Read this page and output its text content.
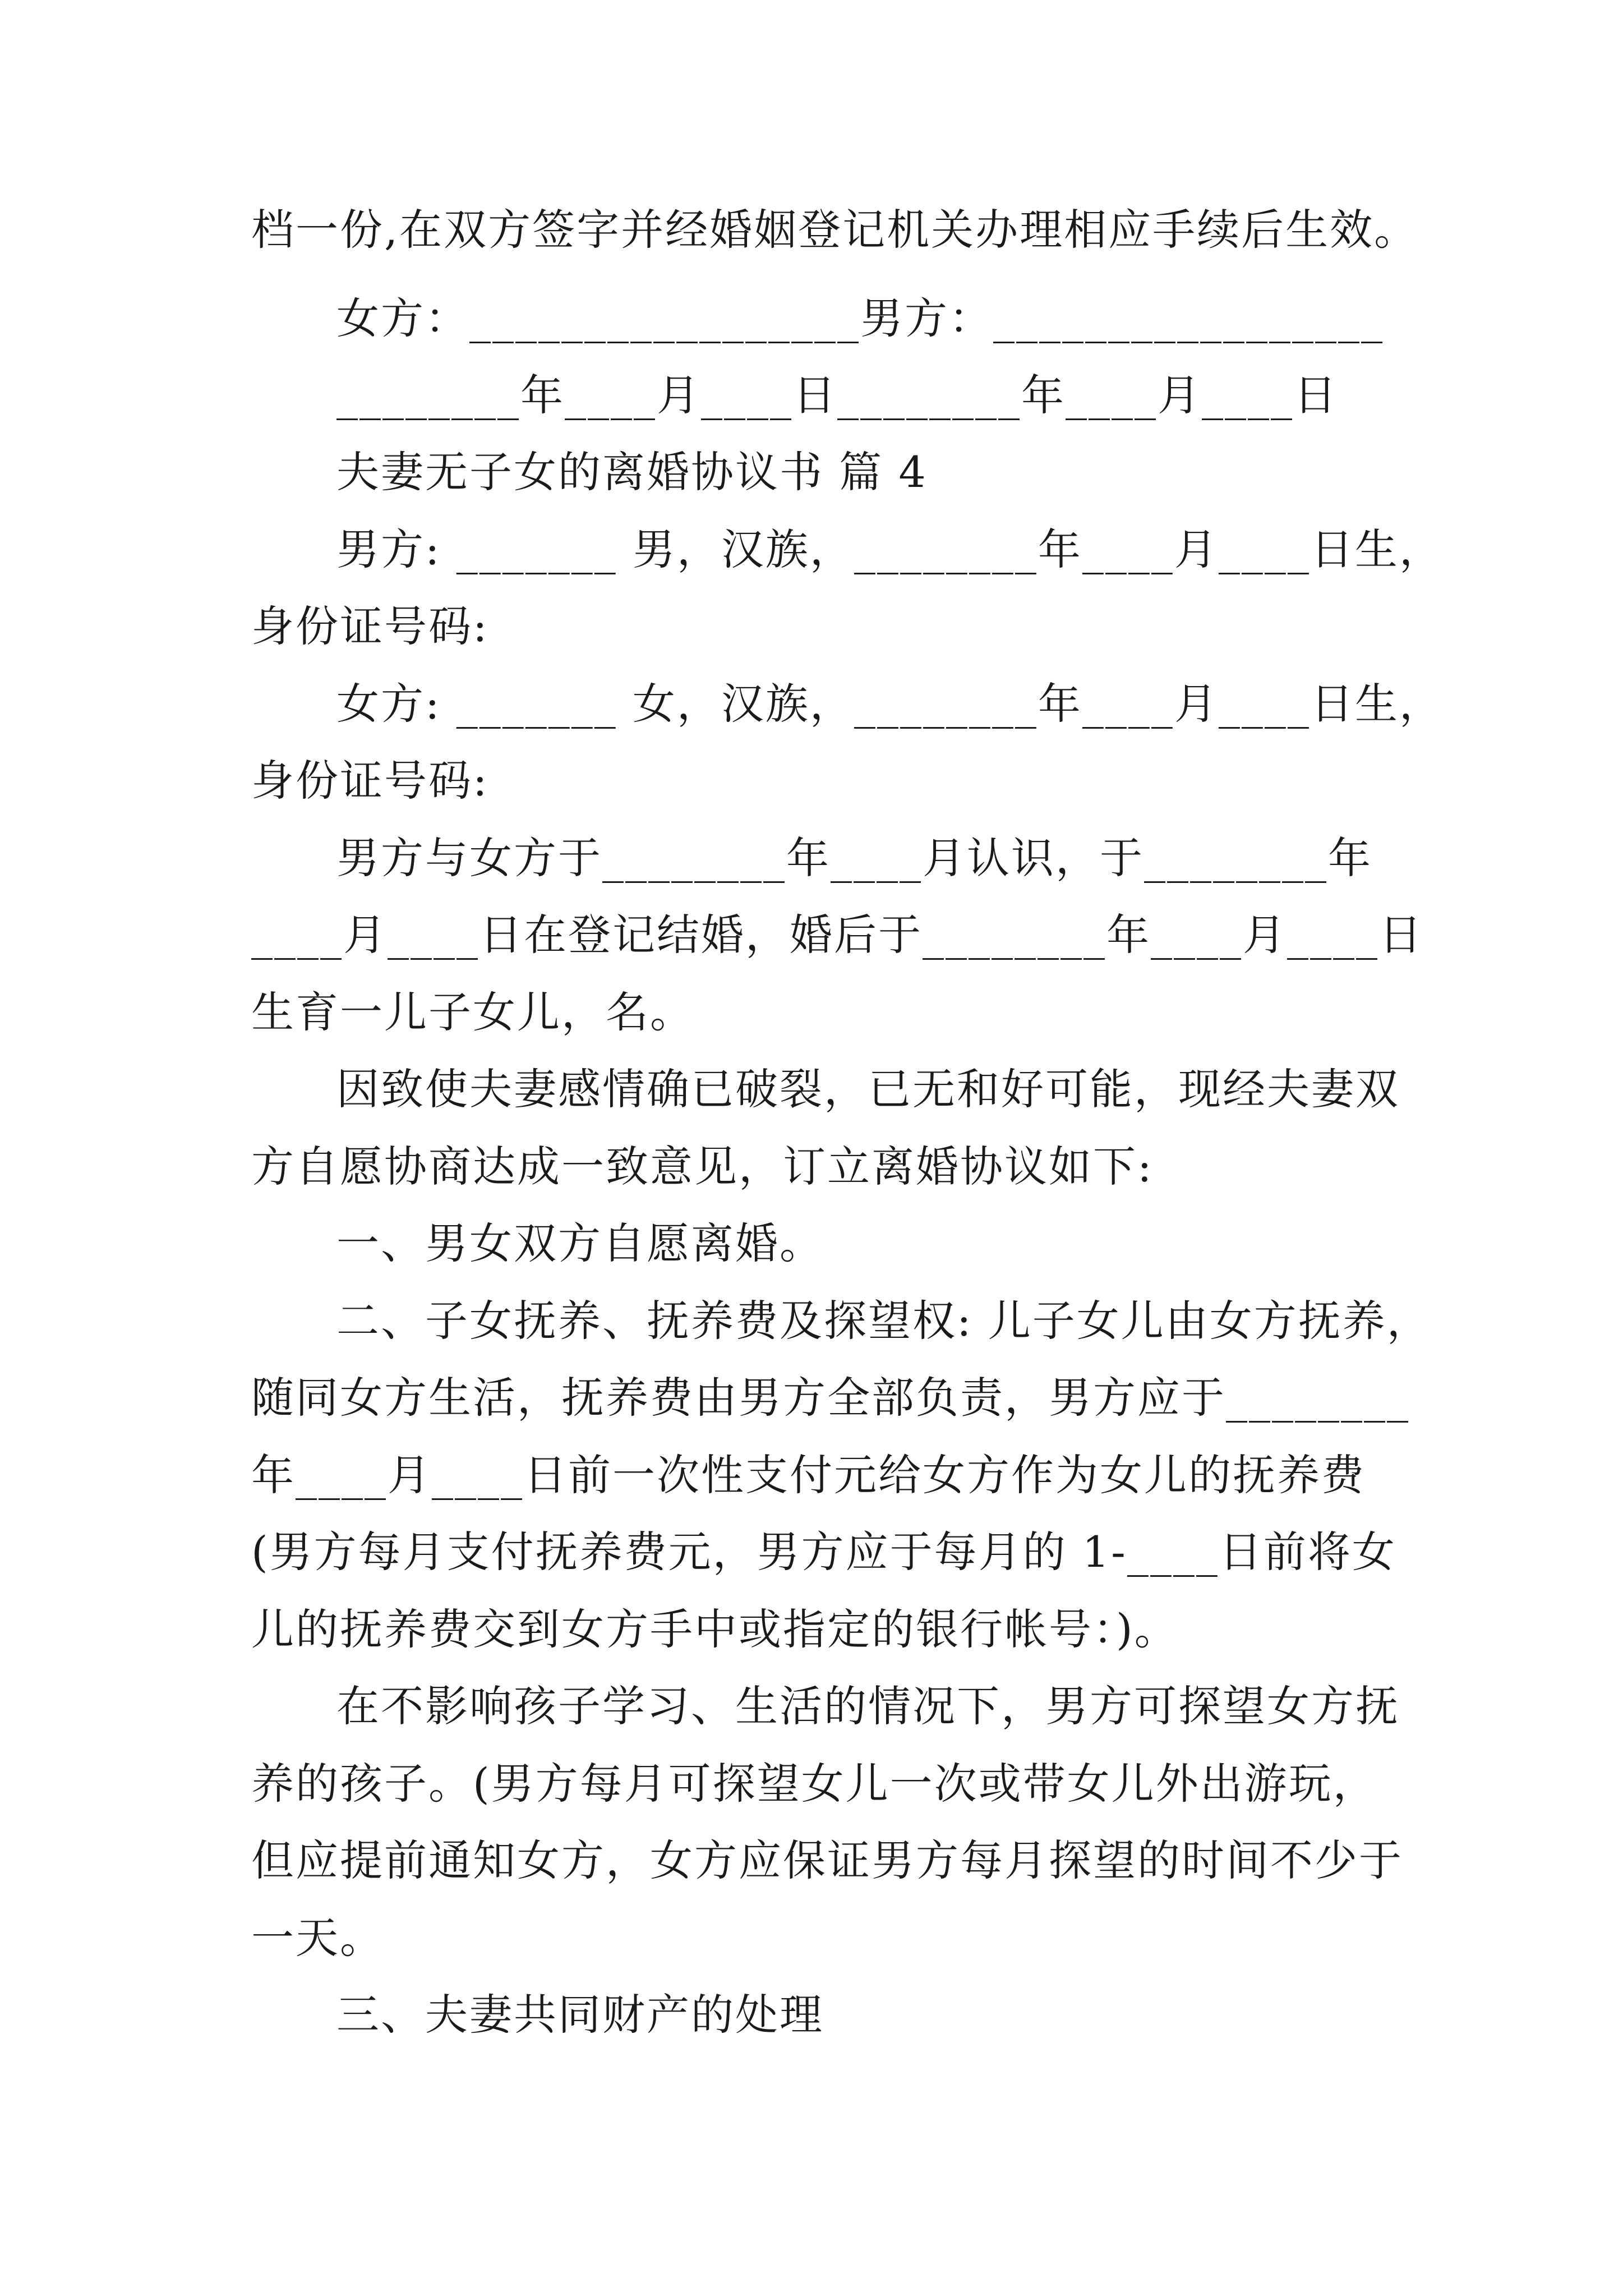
档一份,在双方签字并经婚姻登记机关办理相应手续后生效。
女方：_________________男方：_________________
________年____月____日________年____月____日
夫妻无子女的离婚协议书 篇 4
男方: _______ 男，汉族，________年____月____日生，
身份证号码:
女方: _______ 女，汉族，________年____月____日生，
身份证号码:
男方与女方于________年____月认识，于________年
____月____日在登记结婚，婚后于________年____月____日
生育一儿子女儿，名。
因致使夫妻感情确已破裂，已无和好可能，现经夫妻双
方自愿协商达成一致意见，订立离婚协议如下:
一、男女双方自愿离婚。
二、子女抚养、抚养费及探望权: 儿子女儿由女方抚养，
随同女方生活，抚养费由男方全部负责，男方应于________
年____月____日前一次性支付元给女方作为女儿的抚养费
(男方每月支付抚养费元，男方应于每月的 1-____日前将女
儿的抚养费交到女方手中或指定的银行帐号：)。
在不影响孩子学习、生活的情况下，男方可探望女方抚
养的孩子。(男方每月可探望女儿一次或带女儿外出游玩，
但应提前通知女方，女方应保证男方每月探望的时间不少于
一天。
三、夫妻共同财产的处理
